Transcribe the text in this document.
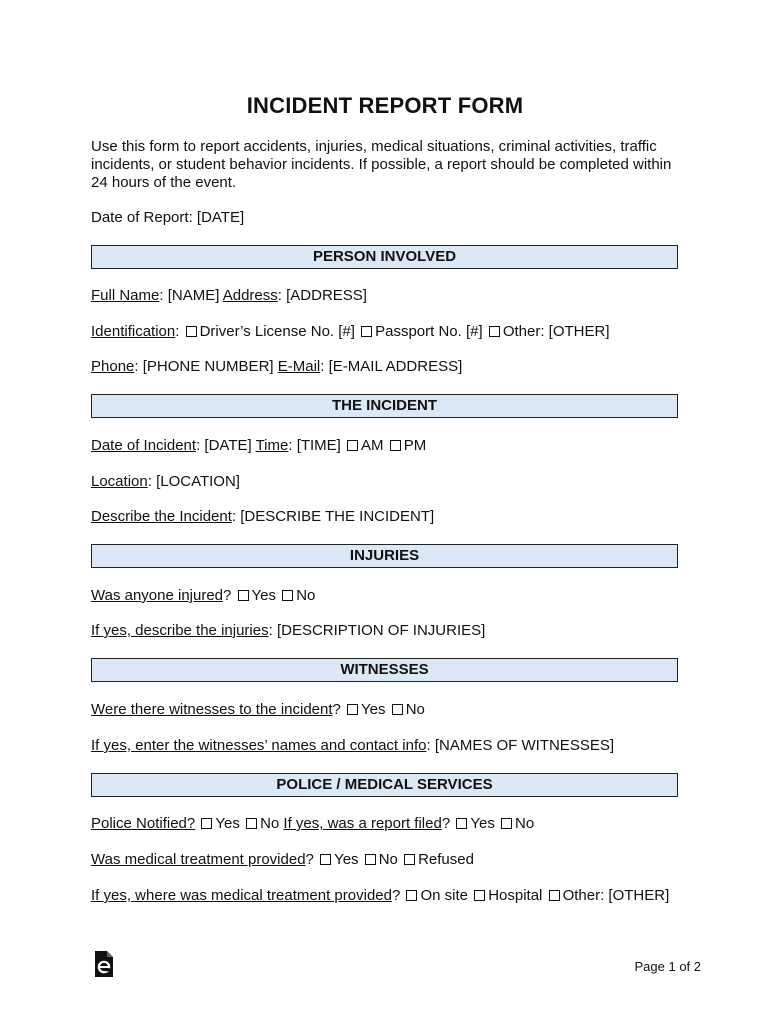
INCIDENT REPORT FORM

Use this form to report accidents, injuries, medical situations, criminal activities, traffic incidents, or student behavior incidents. If possible, a report should be completed within 24 hours of the event.

Date of Report: [DATE]
PERSON INVOLVED
Full Name: [NAME] Address: [ADDRESS]
Identification: Driver’s License No. [#] Passport No. [#] Other: [OTHER]
Phone: [PHONE NUMBER] E-Mail: [E-MAIL ADDRESS]
THE INCIDENT
Date of Incident: [DATE] Time: [TIME] AM PM
Location: [LOCATION]
Describe the Incident: [DESCRIBE THE INCIDENT]
INJURIES
Was anyone injured? Yes No
If yes, describe the injuries: [DESCRIPTION OF INJURIES]
WITNESSES
Were there witnesses to the incident? Yes No
If yes, enter the witnesses’ names and contact info: [NAMES OF WITNESSES]
POLICE / MEDICAL SERVICES
Police Notified? Yes No If yes, was a report filed? Yes No
Was medical treatment provided? Yes No Refused
If yes, where was medical treatment provided? On site Hospital Other: [OTHER]
Page 1 of 2
